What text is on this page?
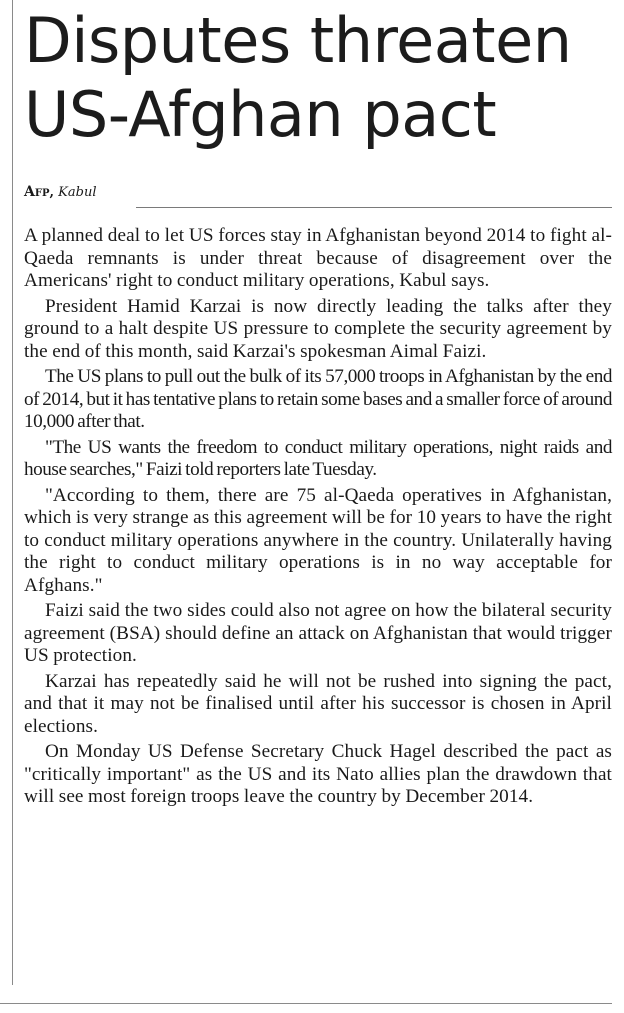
Disputes threaten
US-Afghan pact
Afp, Kabul

A planned deal to let US forces stay in Afghanistan beyond 2014 to fight al-Qaeda remnants is under threat because of disagreement over the Americans' right to conduct military operations, Kabul says.

President Hamid Karzai is now directly leading the talks after they ground to a halt despite US pressure to complete the security agreement by the end of this month, said Karzai's spokesman Aimal Faizi.

The US plans to pull out the bulk of its 57,000 troops in Afghanistan by the end of 2014, but it has tentative plans to retain some bases and a smaller force of around 10,000 after that.

"The US wants the freedom to conduct military operations, night raids and house searches," Faizi told reporters late Tuesday.

"According to them, there are 75 al-Qaeda operatives in Afghanistan, which is very strange as this agreement will be for 10 years to have the right to conduct military operations anywhere in the country. Unilaterally having the right to conduct military operations is in no way acceptable for Afghans."

Faizi said the two sides could also not agree on how the bilateral security agreement (BSA) should define an attack on Afghanistan that would trigger US protection.

Karzai has repeatedly said he will not be rushed into signing the pact, and that it may not be finalised until after his successor is chosen in April elections.

On Monday US Defense Secretary Chuck Hagel described the pact as "critically important" as the US and its Nato allies plan the drawdown that will see most foreign troops leave the country by December 2014.
